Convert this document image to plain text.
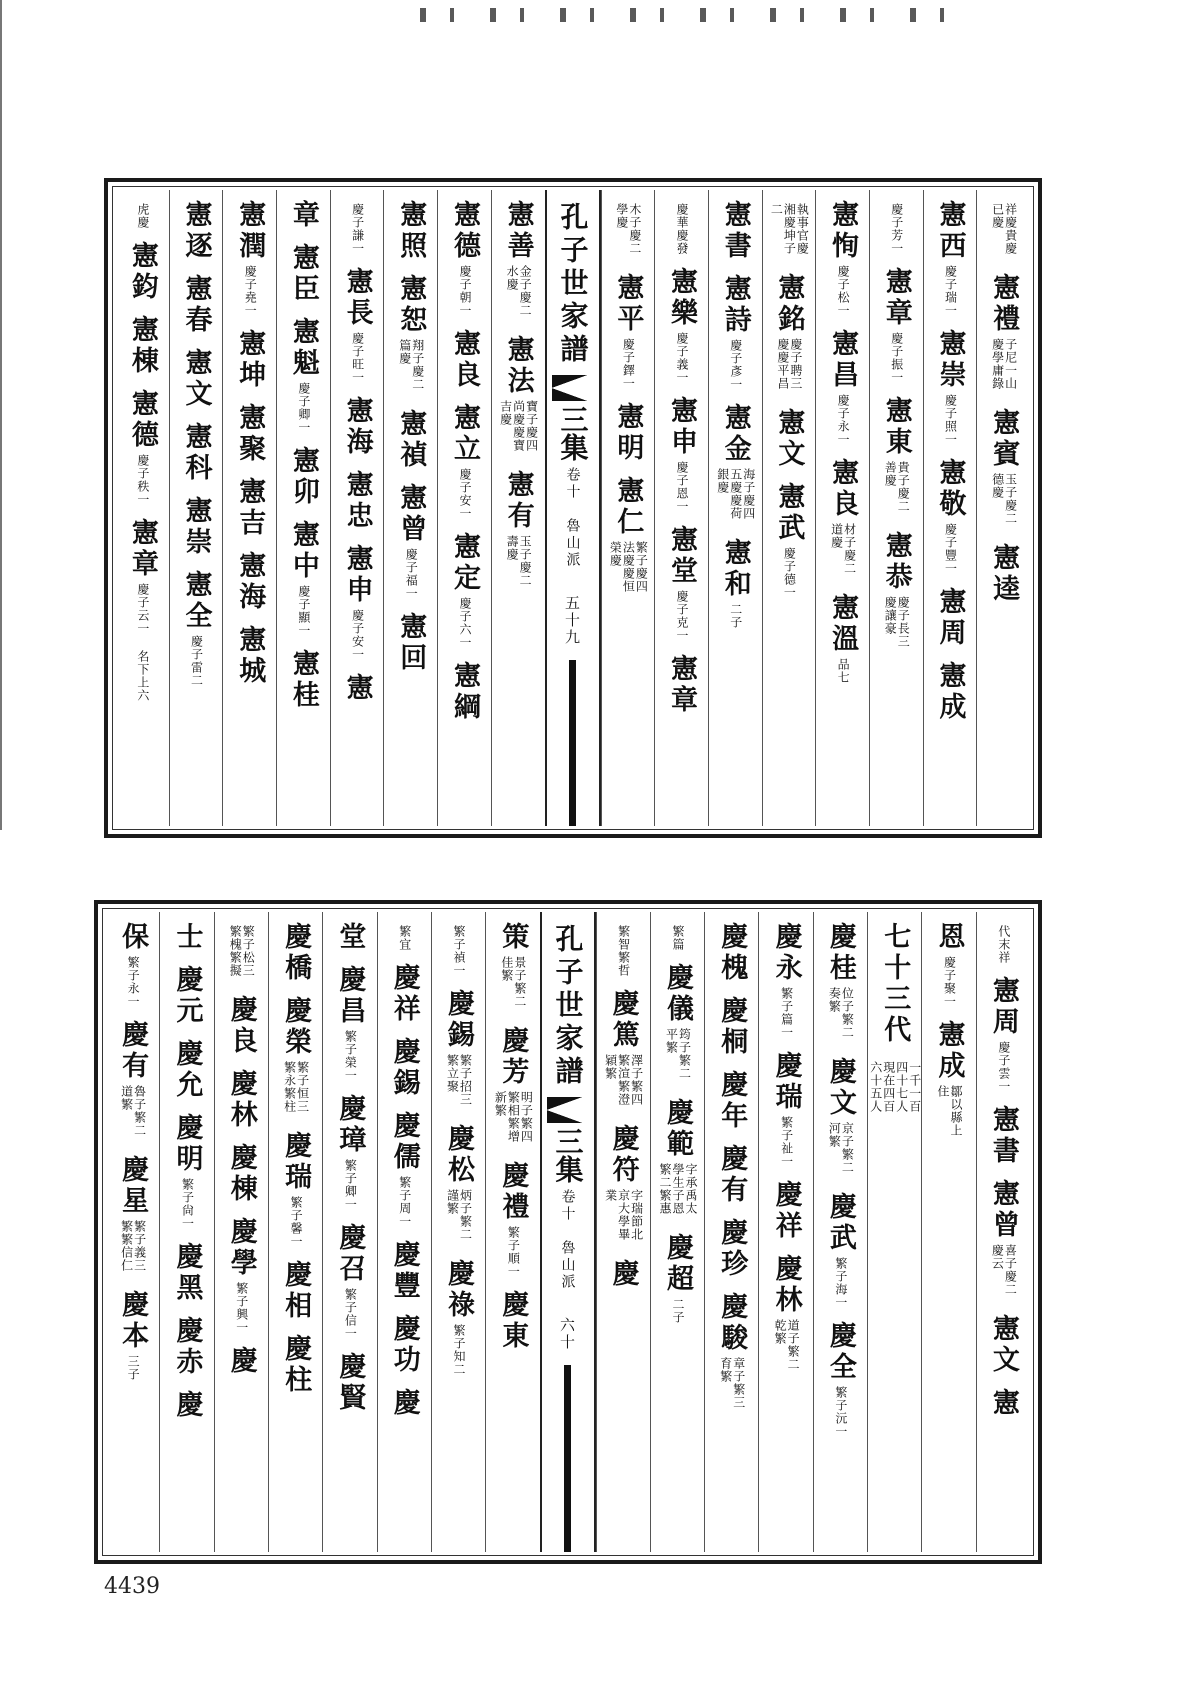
祥慶貴慶已慶
憲禮
子尼一山慶學庸錄
憲賓
玉子慶二德慶
憲逵
憲西
慶子瑞一
憲崇
慶子照一
憲敬
慶子豐一
憲周
憲成
慶子芳一
憲章
慶子振一
憲東
貴子慶二善慶
憲恭
慶子長三慶讓豪
憲恂
慶子松一
憲昌
慶子永一
憲良
材子慶二道慶
憲溫
品七
執事官慶湘慶坤子二
憲銘
慶子聘三慶慶平昌
憲文
憲武
慶子德一
憲書
憲詩
慶子彥一
憲金
海子慶四五慶慶荷銀慶
憲和
二子
慶華慶發
憲樂
慶子義一
憲申
慶子恩一
憲堂
慶子克一
憲章
木子慶二學慶
憲平
慶子鐸一
憲明
憲仁
繁子慶四法慶慶恒榮慶
孔子世家譜
三集
卷十　魯山派
五十九
憲善
金子慶二水慶
憲法
寶子慶四尚慶慶寶吉慶
憲有
玉子慶二壽慶
憲德
慶子朝一
憲良
憲立
慶子安一
憲定
慶子六一
憲綱
憲照
憲恕
翔子慶二篇慶
憲禎
憲曾
慶子福一
憲回
慶子謙一
憲長
慶子旺一
憲海
憲忠
憲申
慶子安一
憲
章
憲臣
憲魁
慶子卿一
憲卯
憲中
慶子顯一
憲桂
憲潤
慶子堯一
憲坤
憲聚
憲吉
憲海
憲城
憲逐
憲春
憲文
憲科
憲崇
憲全
慶子雷二
虎慶
憲鈞
憲棟
憲德
慶子秩一
憲章
慶子云一
名下上六
代末祥
憲周
慶子雲一
憲書
憲曾
喜子慶二慶云
憲文
憲
恩
慶子聚一
憲成
鄒以縣上住
七十三代
一千一百四十七人　現在四百六十五人
慶桂
位子繁二奏繁
慶文
京子繁二河繁
慶武
繁子海一
慶全
繁子沅一
慶永
繁子篇一
慶瑞
繁子祉一
慶祥
慶林
道子繁二乾繁
慶槐
慶桐
慶年
慶有
慶珍
慶駿
章子繁三育繁
繁篇
慶儀
筠子繁二平繁
慶範
字承禹太學生子恩繁二繁惠
慶超
二子
繁智繁哲
慶篤
澤子繁四繁渲繁澄穎繁
慶符
字瑞節北京大學畢業
慶
孔子世家譜
三集
卷十　魯山派
六十
策
景子繁二佳繁
慶芳
明子繁四繁相繁增新繁
慶禮
繁子順一
慶東
繁子禎一
慶錫
繁子招三繁立聚
慶松
炳子繁二謹繁
慶祿
繁子知二
繁宜
慶祥
慶錫
慶儒
繁子周一
慶豐
慶功
慶
堂
慶昌
繁子榮一
慶璋
繁子卿一
慶召
繁子信一
慶賢
慶橋
慶榮
繁子恒三繁永繁柱
慶瑞
繁子馨一
慶相
慶柱
繁子松三繁槐繁擬
慶良
慶林
慶棟
慶學
繁子興一
慶
士
慶元
慶允
慶明
繁子尙一
慶黑
慶赤
慶
保
繁子永一
慶有
魯子繁二道繁
慶星
繁子義三繁繁信仁
慶本
三子
4439
